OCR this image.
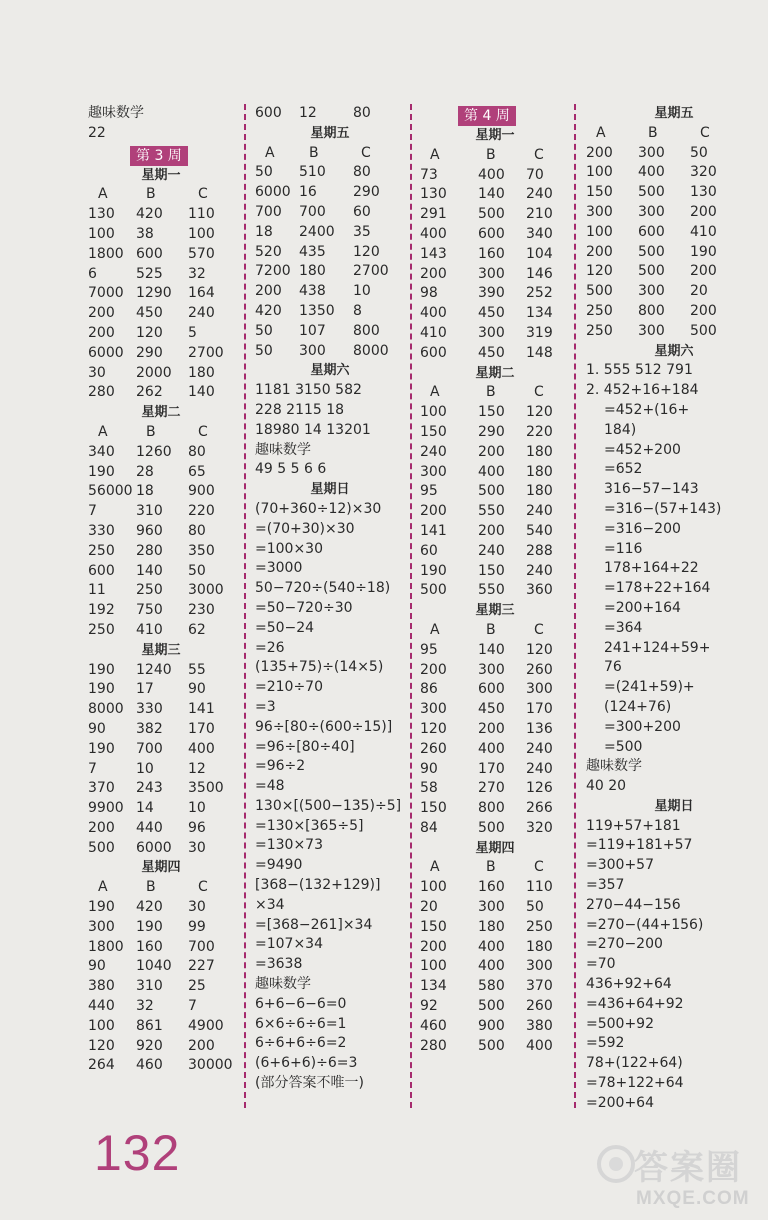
趣味数学
22
第 3 周
星期一
A	B	C
130 420 110
100 38 100
1800 600 570
6	525 32
7000 1290 164
200 450 240
200 120 5
6000 290 2700
30 2000 180
280 262 140
星期二
A	B	C
340 1260 80
190 28 65
56000 18 900
7	310 220
330 960 80
250 280 350
600 140 50
11 250 3000
192 750 230
250 410 62
星期三
190 1240 55
190 17 90
8000 330 141
90 382 170
190 700 400
7	10 12
370 243 3500
9900 14 10
200 440 96
500 6000 30
星期四
A	B	C
190 420 30
300 190 99
1800 160 700
90 1040 227
380 310 25
440 32 7
100 861 4900
120 920 200
264 460 30000
600 12	80
星期五
A B	C
50 510 80
6000 16	290
700 700 60
18 2400 35
520 435 120
7200 180 2700
200 438 10
420 1350 8
50 107 800
50 300 8000
星期六
1181 3150 582
228 2115 18
18980 14 13201
趣味数学
49 5 5 6 6
星期日
(70+360÷12)×30
=(70+30)×30
=100×30
=3000
50−720÷(540÷18)
=50−720÷30
=50−24
=26
(135+75)÷(14×5)
=210÷70
=3
96÷[80÷(600÷15)]
=96÷[80÷40]
=96÷2
=48
130×[(500−135)÷5]
=130×[365÷5]
=130×73
=9490
[368−(132+129)]
×34
=[368−261]×34
=107×34
=3638
趣味数学
6+6−6−6=0
6×6÷6÷6=1
6÷6+6÷6=2
(6+6+6)÷6=3
(部分答案不唯一)
第 4 周
星期一
A	B	C
73	400 70
130 140 240
291 500 210
400 600 340
143 160 104
200 300 146
98	390 252
400 450 134
410 300 319
600 450 148
星期二
A	B	C
100 150 120
150 290 220
240 200 180
300 400 180
95	500 180
200 550 240
141 200 540
60	240 288
190 150 240
500 550 360
星期三
A	B	C
95	140 120
200 300 260
86	600 300
300 450 170
120 200 136
260 400 240
90	170 240
58	270 126
150 800 266
84	500 320
星期四
A	B	C
100 160 110
20	300 50
150 180 250
200 400 180
100 400 300
134 580 370
92	500 260
460 900 380
280 500 400
星期五
A	B	C
200 300 50
100 400 320
150 500 130
300 300 200
100 600 410
200 500 190
120 500 200
500 300 20
250 800 200
250 300 500
星期六
1. 555 512 791
2. 452+16+184
=452+(16+
184)
=452+200
=652
316−57−143
=316−(57+143)
=316−200
=116
178+164+22
=178+22+164
=200+164
=364
241+124+59+
76
=(241+59)+
(124+76)
=300+200
=500
趣味数学
40 20
星期日
119+57+181
=119+181+57
=300+57
=357
270−44−156
=270−(44+156)
=270−200
=70
436+92+64
=436+64+92
=500+92
=592
78+(122+64)
=78+122+64
=200+64
132	答案圈
MXQE.COM
